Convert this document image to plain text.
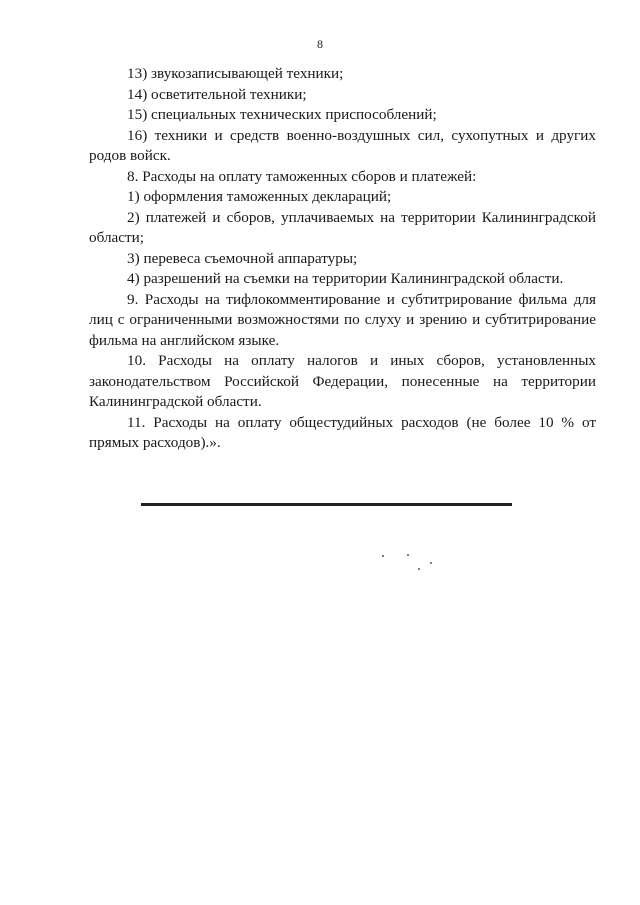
8

13) звукозаписывающей техники;

14) осветительной техники;

15) специальных технических приспособлений;

16) техники и средств военно-воздушных сил, сухопутных и других родов войск.

8. Расходы на оплату таможенных сборов и платежей:

1) оформления таможенных деклараций;

2) платежей и сборов, уплачиваемых на территории Калининградской области;

3) перевеса съемочной аппаратуры;

4) разрешений на съемки на территории Калининградской области.

9. Расходы на тифлокомментирование и субтитрирование фильма для лиц с ограниченными возможностями по слуху и зрению и субтитрирование фильма на английском языке.

10. Расходы на оплату налогов и иных сборов, установленных законодательством Российской Федерации, понесенные на территории Калининградской области.

11. Расходы на оплату общестудийных расходов (не более 10 % от прямых расходов).».
